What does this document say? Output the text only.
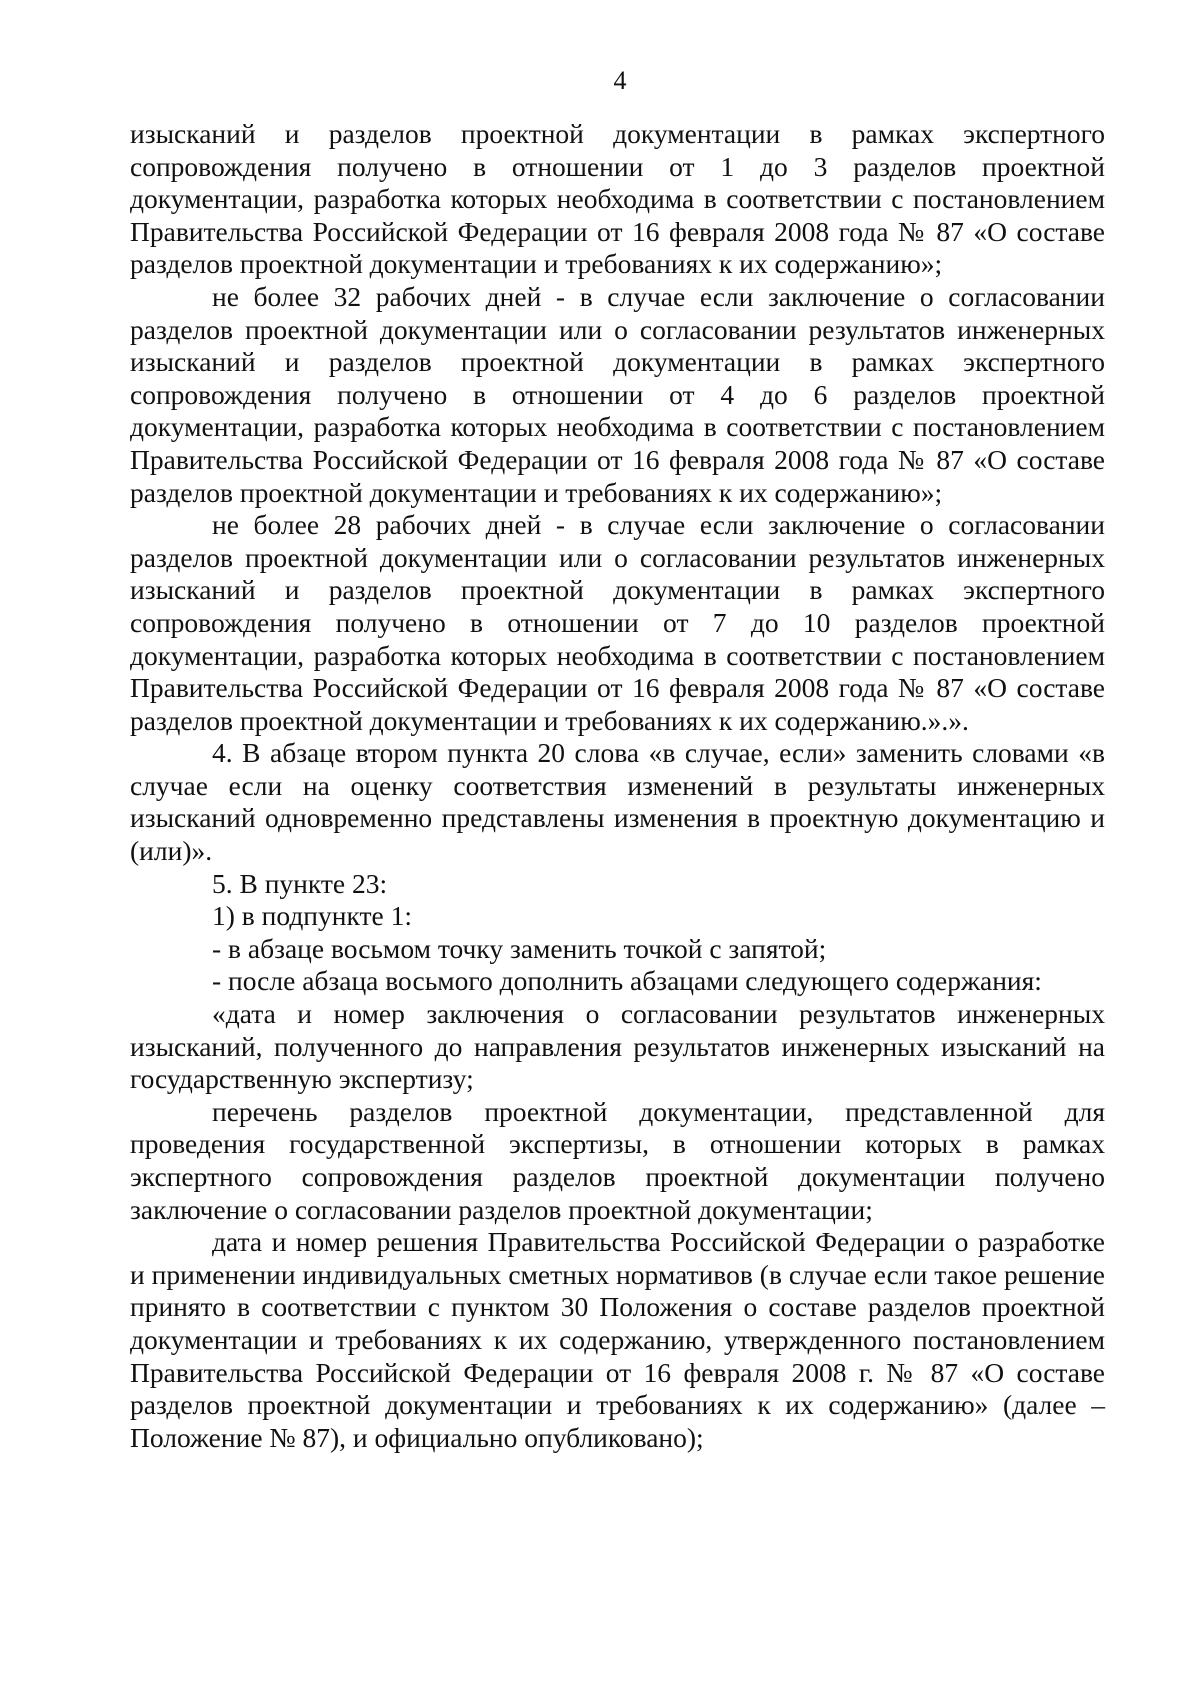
4

изысканий и разделов проектной документации в рамках экспертного сопровождения получено в отношении от 1 до 3 разделов проектной документации, разработка которых необходима в соответствии с постановлением Правительства Российской Федерации от 16 февраля 2008 года № 87 «О составе разделов проектной документации и требованиях к их содержанию»;

не более 32 рабочих дней - в случае если заключение о согласовании разделов проектной документации или о согласовании результатов инженерных изысканий и разделов проектной документации в рамках экспертного сопровождения получено в отношении от 4 до 6 разделов проектной документации, разработка которых необходима в соответствии с постановлением Правительства Российской Федерации от 16 февраля 2008 года № 87 «О составе разделов проектной документации и требованиях к их содержанию»;

не более 28 рабочих дней - в случае если заключение о согласовании разделов проектной документации или о согласовании результатов инженерных изысканий и разделов проектной документации в рамках экспертного сопровождения получено в отношении от 7 до 10 разделов проектной документации, разработка которых необходима в соответствии с постановлением Правительства Российской Федерации от 16 февраля 2008 года № 87 «О составе разделов проектной документации и требованиях к их содержанию.».».

4. В абзаце втором пункта 20 слова «в случае, если» заменить словами «в случае если на оценку соответствия изменений в результаты инженерных изысканий одновременно представлены изменения в проектную документацию и (или)».

5. В пункте 23:

1) в подпункте 1:

- в абзаце восьмом точку заменить точкой с запятой;

- после абзаца восьмого дополнить абзацами следующего содержания:

«дата и номер заключения о согласовании результатов инженерных изысканий, полученного до направления результатов инженерных изысканий на государственную экспертизу;

перечень разделов проектной документации, представленной для проведения государственной экспертизы, в отношении которых в рамках экспертного сопровождения разделов проектной документации получено заключение о согласовании разделов проектной документации;

дата и номер решения Правительства Российской Федерации о разработке и применении индивидуальных сметных нормативов (в случае если такое решение принято в соответствии с пунктом 30 Положения о составе разделов проектной документации и требованиях к их содержанию, утвержденного постановлением Правительства Российской Федерации от 16 февраля 2008 г. № 87 «О составе разделов проектной документации и требованиях к их содержанию» (далее – Положение № 87), и официально опубликовано);
